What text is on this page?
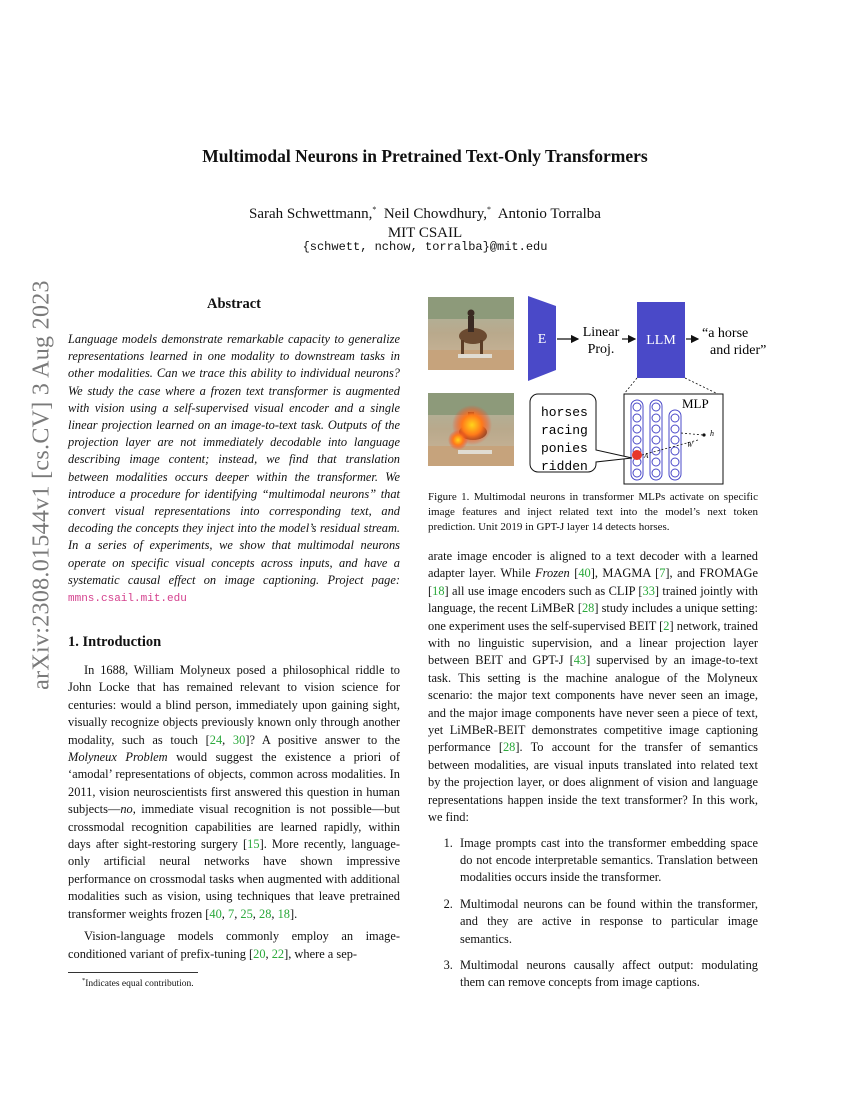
Multimodal Neurons in Pretrained Text-Only Transformers
Sarah Schwettmann,* Neil Chowdhury,* Antonio Torralba
MIT CSAIL
{schwett, nchow, torralba}@mit.edu
arXiv:2308.01544v1 [cs.CV] 3 Aug 2023	Abstract
Language models demonstrate remarkable capacity to generalize representations learned in one modality to downstream tasks in other modalities. Can we trace this ability to individual neurons? We study the case where a frozen text transformer is augmented with vision using a self-supervised visual encoder and a single linear projection learned on an image-to-text task. Outputs of the projection layer are not immediately decodable into language describing image content; instead, we find that translation between modalities occurs deeper within the transformer. We introduce a procedure for identifying “multimodal neurons” that convert visual representations into corresponding text, and decoding the concepts they inject into the model’s residual stream. In a series of experiments, we show that multimodal neurons operate on specific visual concepts across inputs, and have a systematic causal effect on image captioning. Project page: mmns.csail.mit.edu
1. Introduction

In 1688, William Molyneux posed a philosophical riddle to John Locke that has remained relevant to vision science for centuries: would a blind person, immediately upon gaining sight, visually recognize objects previously known only through another modality, such as touch [24, 30]? A positive answer to the Molyneux Problem would suggest the existence a priori of ‘amodal’ representations of objects, common across modalities. In 2011, vision neuroscientists first answered this question in human subjects—no, immediate visual recognition is not possible—but crossmodal recognition capabilities are learned rapidly, within days after sight-restoring surgery [15]. More recently, language-only artificial neural networks have shown impressive performance on crossmodal tasks when augmented with additional modalities such as vision, using techniques that leave pretrained transformer weights frozen [40, 7, 25, 28, 18].

Vision-language models commonly employ an image-conditioned variant of prefix-tuning [20, 22], where a sep-

*Indicates equal contribution.
E	Linear
Proj.
LLM “a horse
and rider”
MLP
A
W
h
horses
racing
ponies
ridden
Figure 1. Multimodal neurons in transformer MLPs activate on specific image features and inject related text into the model’s next token prediction. Unit 2019 in GPT-J layer 14 detects horses.

arate image encoder is aligned to a text decoder with a learned adapter layer. While Frozen [40], MAGMA [7], and FROMAGe [18] all use image encoders such as CLIP [33] trained jointly with language, the recent LiMBeR [28] study includes a unique setting: one experiment uses the self-supervised BEIT [2] network, trained with no linguistic supervision, and a linear projection layer between BEIT and GPT-J [43] supervised by an image-to-text task. This setting is the machine analogue of the Molyneux scenario: the major text components have never seen an image, and the major image components have never seen a piece of text, yet LiMBeR-BEIT demonstrates competitive image captioning performance [28]. To account for the transfer of semantics between modalities, are visual inputs translated into related text by the projection layer, or does alignment of vision and language representations happen inside the text transformer? In this work, we find:

1. Image prompts cast into the transformer embedding space do not encode interpretable semantics. Translation between modalities occurs inside the transformer.
2. Multimodal neurons can be found within the transformer, and they are active in response to particular image semantics.
3. Multimodal neurons causally affect output: modulating them can remove concepts from image captions.
